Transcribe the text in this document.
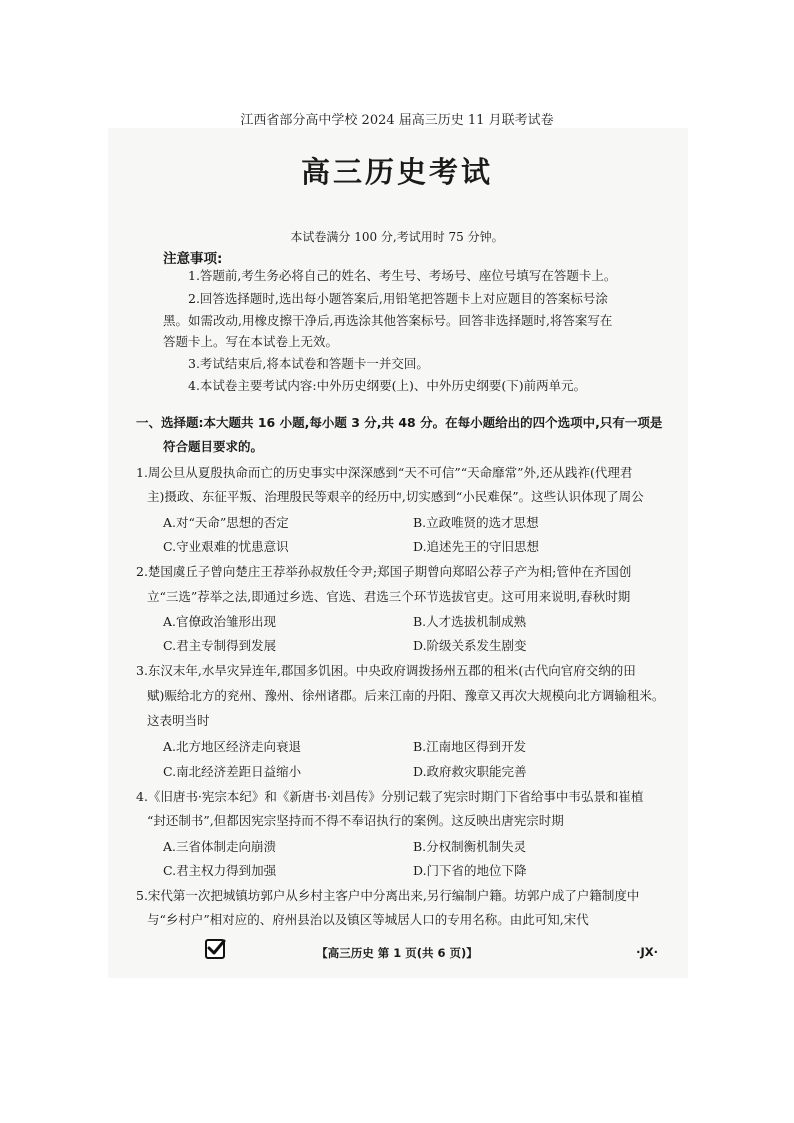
江西省部分高中学校 2024 届高三历史 11 月联考试卷
高三历史考试
本试卷满分 100 分,考试用时 75 分钟。
注意事项:
1.答题前,考生务必将自己的姓名、考生号、考场号、座位号填写在答题卡上。
2.回答选择题时,选出每小题答案后,用铅笔把答题卡上对应题目的答案标号涂
黑。如需改动,用橡皮擦干净后,再选涂其他答案标号。回答非选择题时,将答案写在
答题卡上。写在本试卷上无效。
3.考试结束后,将本试卷和答题卡一并交回。
4.本试卷主要考试内容:中外历史纲要(上)、中外历史纲要(下)前两单元。
一、选择题:本大题共 16 小题,每小题 3 分,共 48 分。在每小题给出的四个选项中,只有一项是
符合题目要求的。
1.周公旦从夏殷执命而亡的历史事实中深深感到“天不可信”“天命靡常”外,还从践祚(代理君
主)摄政、东征平叛、治理殷民等艰辛的经历中,切实感到“小民难保”。这些认识体现了周公
A.对“天命”思想的否定	B.立政唯贤的选才思想
C.守业艰难的忧患意识	D.追述先王的守旧思想
2.楚国虞丘子曾向楚庄王荐举孙叔敖任令尹;郑国子期曾向郑昭公荐子产为相;管仲在齐国创
立“三选”荐举之法,即通过乡选、官选、君选三个环节选拔官吏。这可用来说明,春秋时期
A.官僚政治雏形出现	B.人才选拔机制成熟
C.君主专制得到发展	D.阶级关系发生剧变
3.东汉末年,水旱灾异连年,郡国多饥困。中央政府调拨扬州五郡的租米(古代向官府交纳的田
赋)赈给北方的兖州、豫州、徐州诸郡。后来江南的丹阳、豫章又再次大规模向北方调输租米。
这表明当时
A.北方地区经济走向衰退	B.江南地区得到开发
C.南北经济差距日益缩小	D.政府救灾职能完善
4.《旧唐书·宪宗本纪》和《新唐书·刘昌传》分别记载了宪宗时期门下省给事中韦弘景和崔植
“封还制书”,但都因宪宗坚持而不得不奉诏执行的案例。这反映出唐宪宗时期
A.三省体制走向崩溃	B.分权制衡机制失灵
C.君主权力得到加强	D.门下省的地位下降
5.宋代第一次把城镇坊郭户从乡村主客户中分离出来,另行编制户籍。坊郭户成了户籍制度中
与“乡村户”相对应的、府州县治以及镇区等城居人口的专用名称。由此可知,宋代
【高三历史 第 1 页(共 6 页)】	·JX·
